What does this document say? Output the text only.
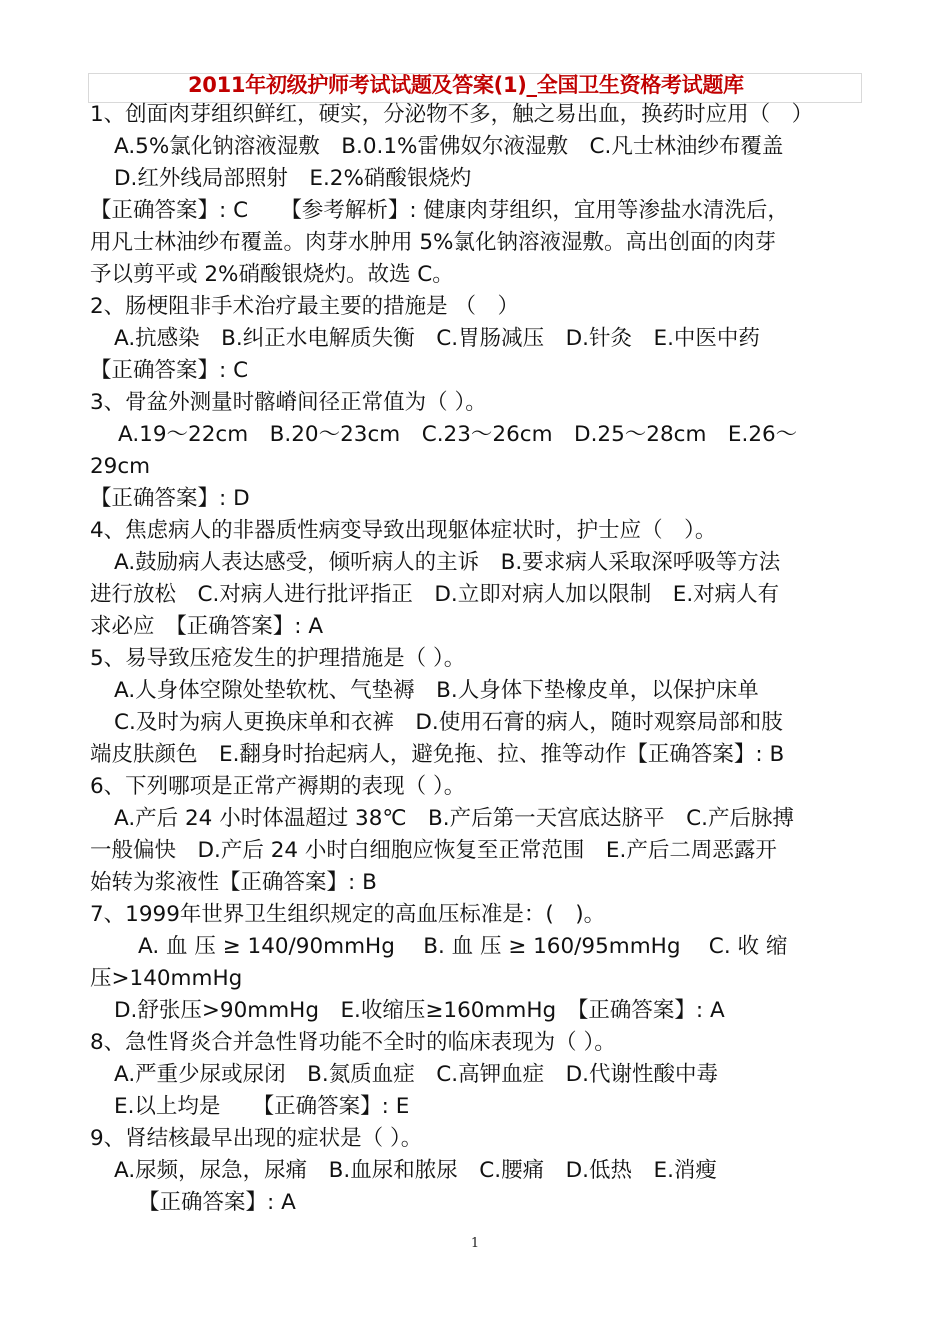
2011年初级护师考试试题及答案(1)_全国卫生资格考试题库
1、创面肉芽组织鲜红，硬实，分泌物不多，触之易出血，换药时应用（　）
A.5%氯化钠溶液湿敷　B.0.1%雷佛奴尔液湿敷　C.凡士林油纱布覆盖
D.红外线局部照射　E.2%硝酸银烧灼
【正确答案】: C　　【参考解析】: 健康肉芽组织，宜用等渗盐水清洗后，
用凡士林油纱布覆盖。肉芽水肿用 5%氯化钠溶液湿敷。高出创面的肉芽
予以剪平或 2%硝酸银烧灼。故选 C。
2、肠梗阻非手术治疗最主要的措施是 （　）
A.抗感染　B.纠正水电解质失衡　C.胃肠减压　D.针灸　E.中医中药
【正确答案】: C
3、骨盆外测量时髂嵴间径正常值为（ ）。
A.19～22cm　B.20～23cm　C.23～26cm　D.25～28cm　E.26～
29cm
【正确答案】: D
4、焦虑病人的非器质性病变导致出现躯体症状时，护士应（　）。
A.鼓励病人表达感受，倾听病人的主诉　B.要求病人采取深呼吸等方法
进行放松　C.对病人进行批评指正　D.立即对病人加以限制　E.对病人有
求必应　【正确答案】: A
5、易导致压疮发生的护理措施是（ ）。
A.人身体空隙处垫软枕、气垫褥　B.人身体下垫橡皮单，以保护床单
C.及时为病人更换床单和衣裤　D.使用石膏的病人，随时观察局部和肢
端皮肤颜色　E.翻身时抬起病人，避免拖、拉、推等动作【正确答案】: B
6、下列哪项是正常产褥期的表现（ ）。
A.产后 24 小时体温超过 38℃　B.产后第一天宫底达脐平　C.产后脉搏
一般偏快　D.产后 24 小时白细胞应恢复至正常范围　E.产后二周恶露开
始转为浆液性【正确答案】: B
7、1999年世界卫生组织规定的高血压标准是：(　)。
A. 血 压 ≥ 140/90mmHg　 B. 血 压 ≥ 160/95mmHg　 C. 收 缩
压>140mmHg
D.舒张压>90mmHg　E.收缩压≥160mmHg　【正确答案】: A
8、急性肾炎合并急性肾功能不全时的临床表现为（ ）。
A.严重少尿或尿闭　B.氮质血症　C.高钾血症　D.代谢性酸中毒
E.以上均是　　【正确答案】: E
9、肾结核最早出现的症状是（ ）。
A.尿频，尿急，尿痛　B.血尿和脓尿　C.腰痛　D.低热　E.消瘦
【正确答案】: A
1
